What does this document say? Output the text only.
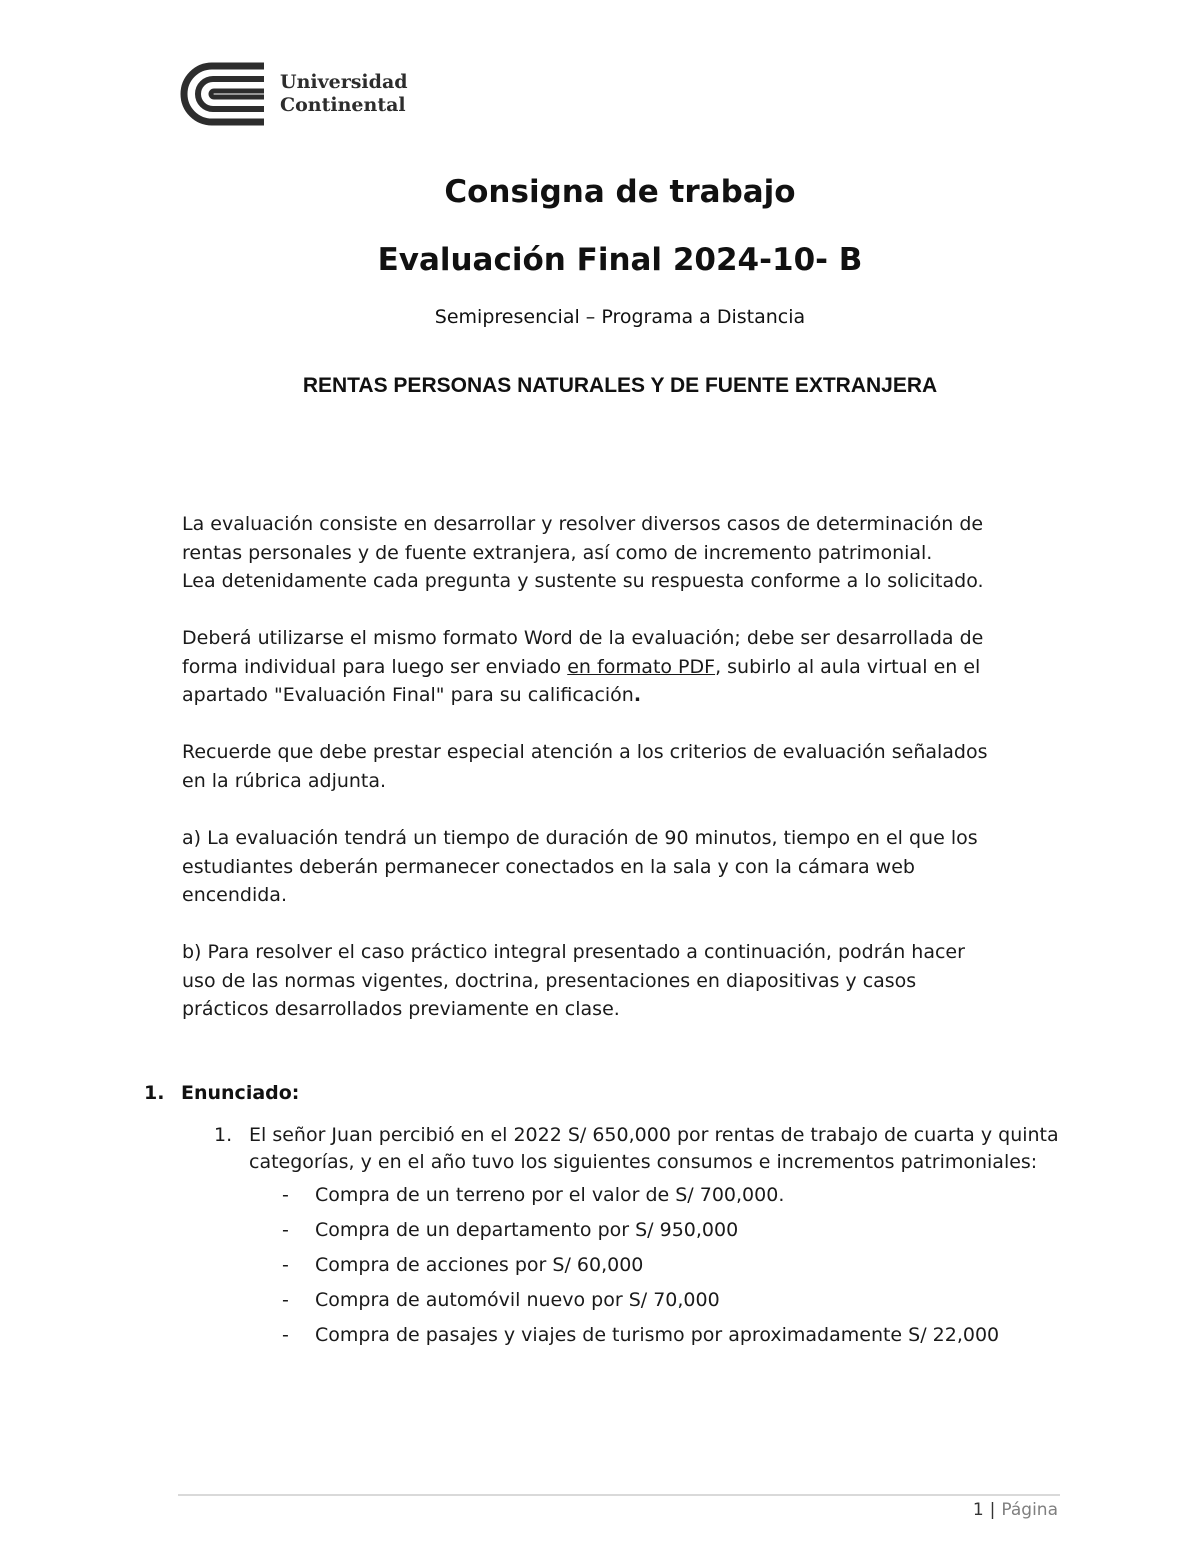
Universidad
Continental
Consigna de trabajo
Evaluación Final 2024-10- B
Semipresencial – Programa a Distancia
RENTAS PERSONAS NATURALES Y DE FUENTE EXTRANJERA
La evaluación consiste en desarrollar y resolver diversos casos de determinación de
rentas personales y de fuente extranjera, así como de incremento patrimonial.
Lea detenidamente cada pregunta y sustente su respuesta conforme a lo solicitado.
Deberá utilizarse el mismo formato Word de la evaluación; debe ser desarrollada de
forma individual para luego ser enviado en formato PDF, subirlo al aula virtual en el
apartado "Evaluación Final" para su calificación.
Recuerde que debe prestar especial atención a los criterios de evaluación señalados
en la rúbrica adjunta.
a) La evaluación tendrá un tiempo de duración de 90 minutos, tiempo en el que los
estudiantes deberán permanecer conectados en la sala y con la cámara web
encendida.
b) Para resolver el caso práctico integral presentado a continuación, podrán hacer
uso de las normas vigentes, doctrina, presentaciones en diapositivas y casos
prácticos desarrollados previamente en clase.
1. Enunciado:
1. El señor Juan percibió en el 2022 S/ 650,000 por rentas de trabajo de cuarta y quinta
categorías, y en el año tuvo los siguientes consumos e incrementos patrimoniales:
- Compra de un terreno por el valor de S/ 700,000.
- Compra de un departamento por S/ 950,000
- Compra de acciones por S/ 60,000
- Compra de automóvil nuevo por S/ 70,000
- Compra de pasajes y viajes de turismo por aproximadamente S/ 22,000
1 | Página
